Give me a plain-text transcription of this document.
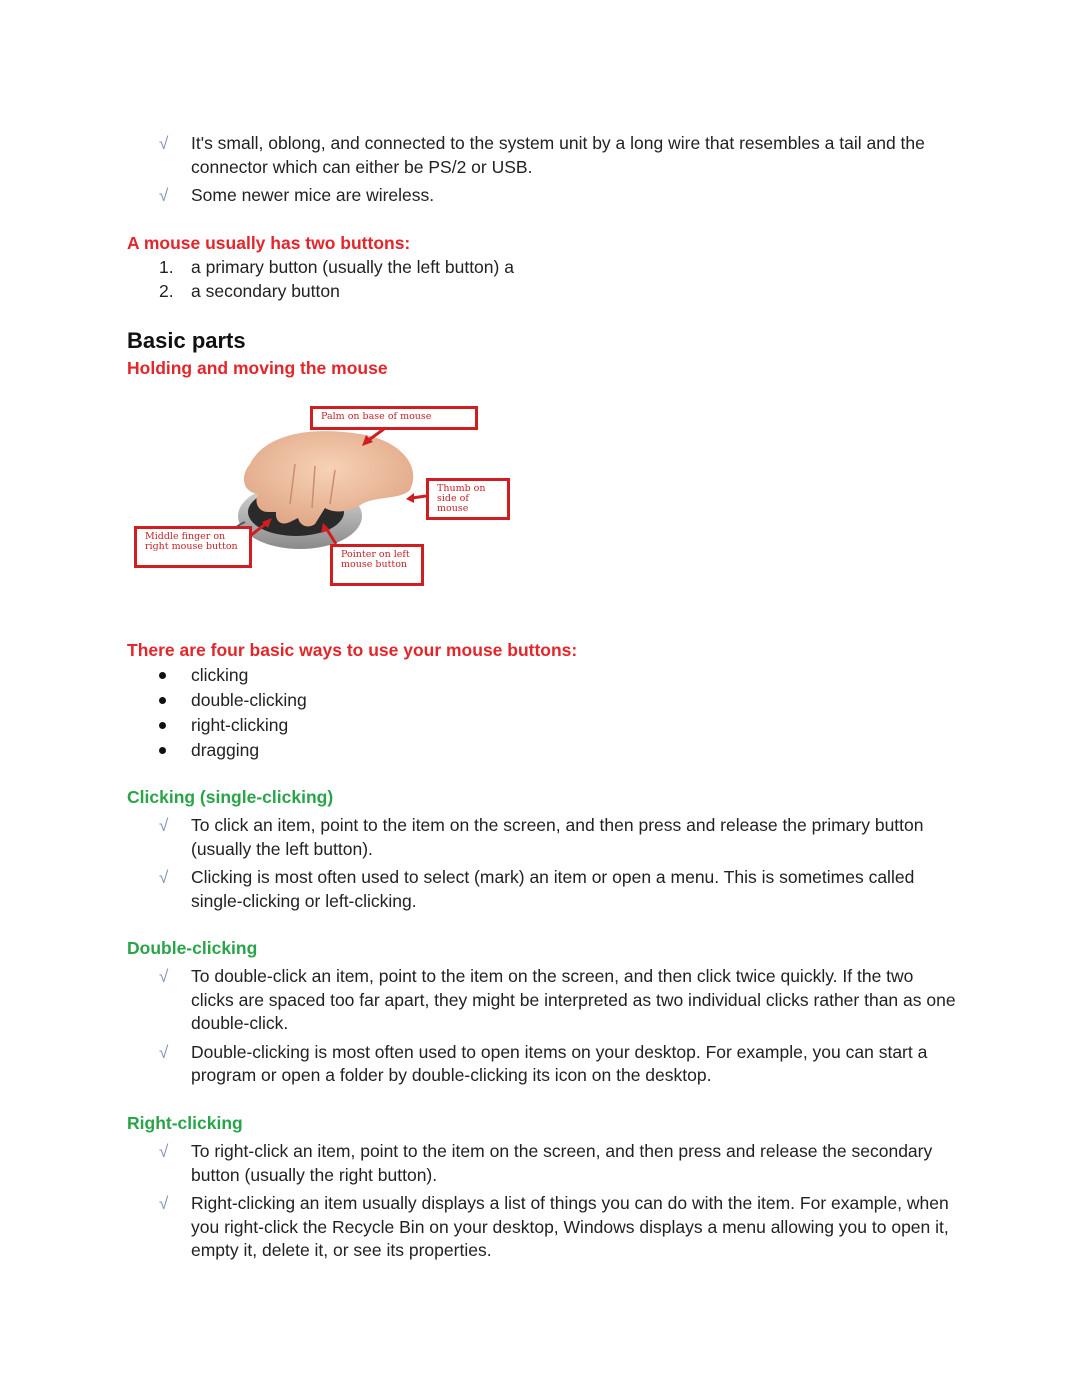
√ It's small, oblong, and connected to the system unit by a long wire that resembles a tail and the connector which can either be PS/2 or USB.
√ Some newer mice are wireless.
A mouse usually has two buttons:
1. a primary button (usually the left button) a
2. a secondary button
Basic parts
Holding and moving the mouse
Palm on base of mouse
Thumb on side of mouse
Middle finger on right mouse button
Pointer on left mouse button
There are four basic ways to use your mouse buttons:
clicking
double-clicking
right-clicking
dragging
Clicking (single-clicking)
√ To click an item, point to the item on the screen, and then press and release the primary button (usually the left button).
√ Clicking is most often used to select (mark) an item or open a menu. This is sometimes called single-clicking or left-clicking.
Double-clicking
√ To double-click an item, point to the item on the screen, and then click twice quickly. If the two clicks are spaced too far apart, they might be interpreted as two individual clicks rather than as one double-click.
√ Double-clicking is most often used to open items on your desktop. For example, you can start a program or open a folder by double-clicking its icon on the desktop.
Right-clicking
√ To right-click an item, point to the item on the screen, and then press and release the secondary button (usually the right button).
√ Right-clicking an item usually displays a list of things you can do with the item. For example, when you right-click the Recycle Bin on your desktop, Windows displays a menu allowing you to open it, empty it, delete it, or see its properties.
